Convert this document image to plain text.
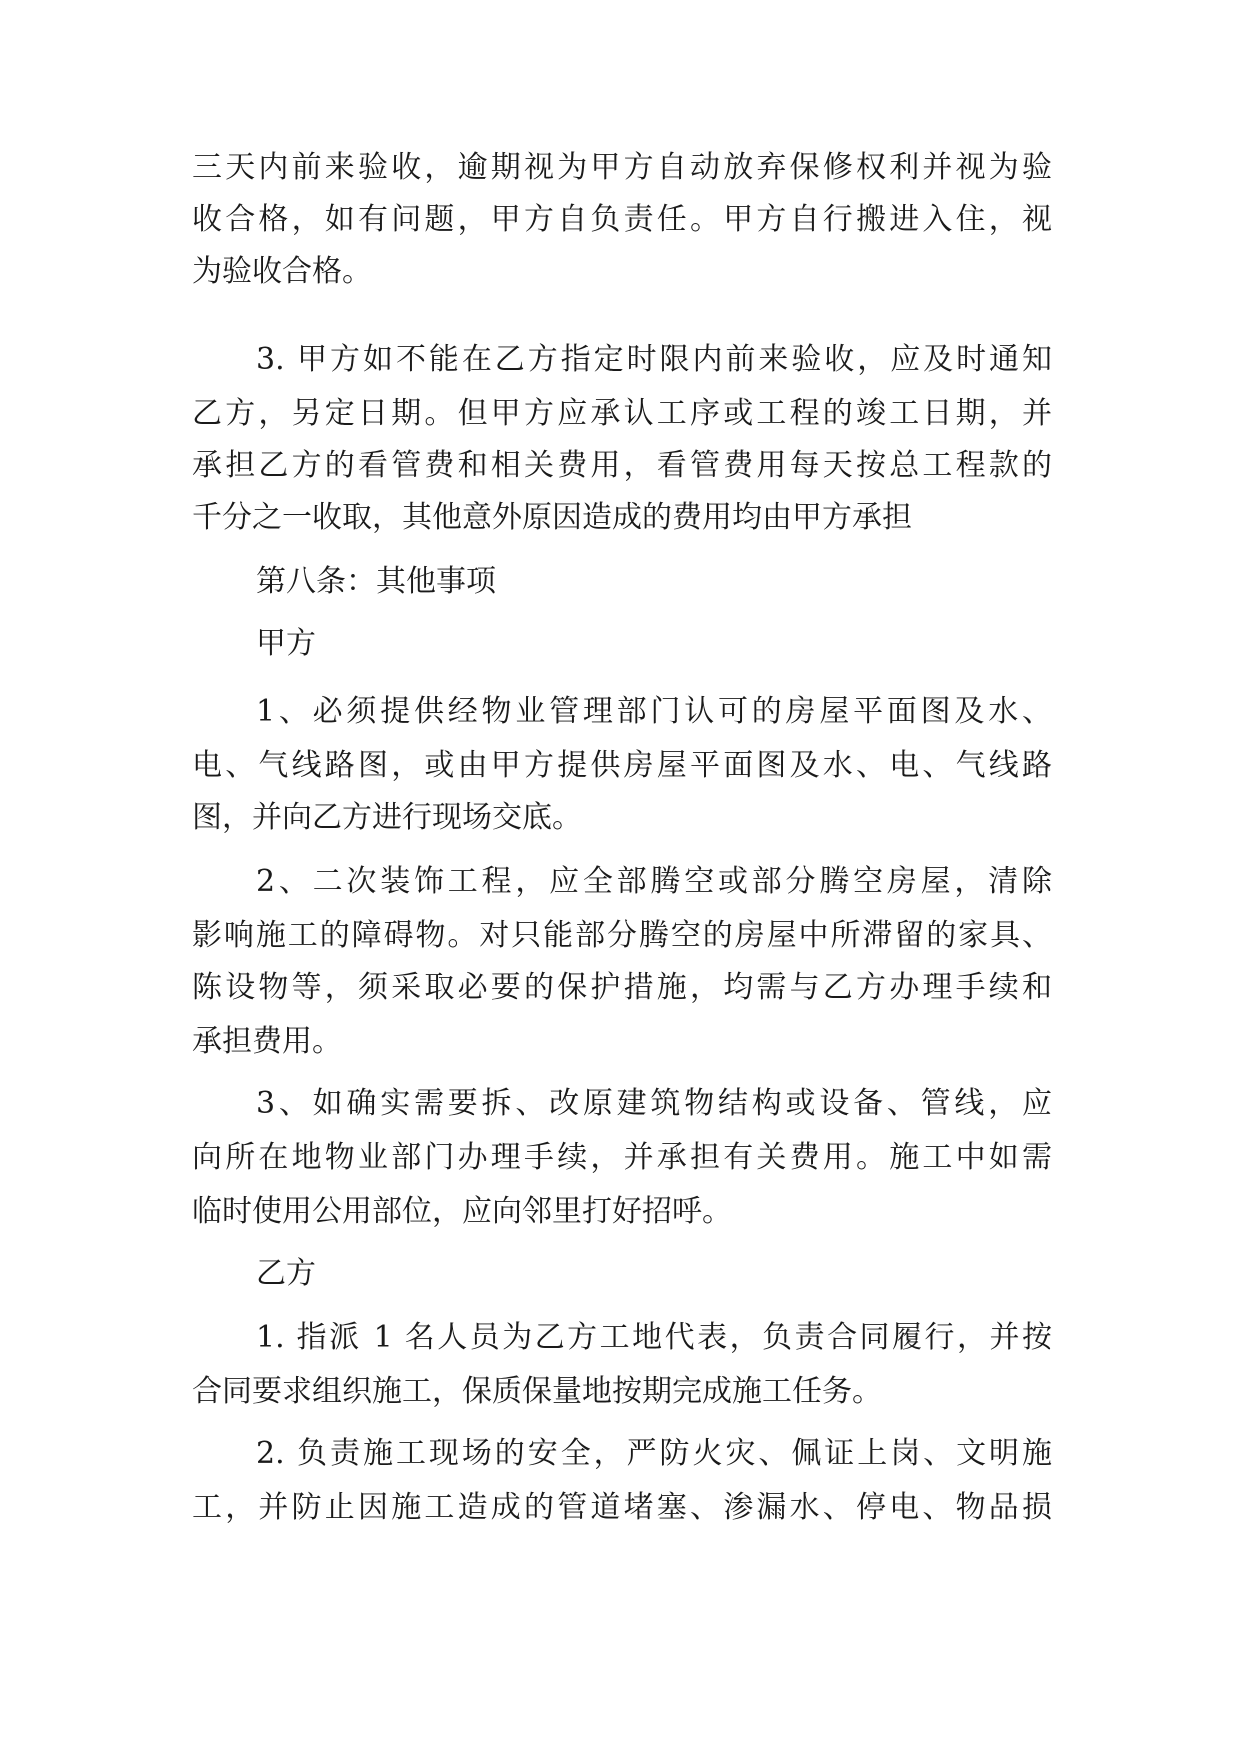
三天内前来验收，逾期视为甲方自动放弃保修权利并视为验
收合格，如有问题，甲方自负责任。甲方自行搬进入住，视
为验收合格。
3. 甲方如不能在乙方指定时限内前来验收，应及时通知
乙方，另定日期。但甲方应承认工序或工程的竣工日期，并
承担乙方的看管费和相关费用，看管费用每天按总工程款的
千分之一收取，其他意外原因造成的费用均由甲方承担
第八条：其他事项
甲方
1、必须提供经物业管理部门认可的房屋平面图及水、
电、气线路图，或由甲方提供房屋平面图及水、电、气线路
图，并向乙方进行现场交底。
2、二次装饰工程，应全部腾空或部分腾空房屋，清除
影响施工的障碍物。对只能部分腾空的房屋中所滞留的家具、
陈设物等，须采取必要的保护措施，均需与乙方办理手续和
承担费用。
3、如确实需要拆、改原建筑物结构或设备、管线，应
向所在地物业部门办理手续，并承担有关费用。施工中如需
临时使用公用部位，应向邻里打好招呼。
乙方
1. 指派 1 名人员为乙方工地代表，负责合同履行，并按
合同要求组织施工，保质保量地按期完成施工任务。
2. 负责施工现场的安全，严防火灾、佩证上岗、文明施
工，并防止因施工造成的管道堵塞、渗漏水、停电、物品损
